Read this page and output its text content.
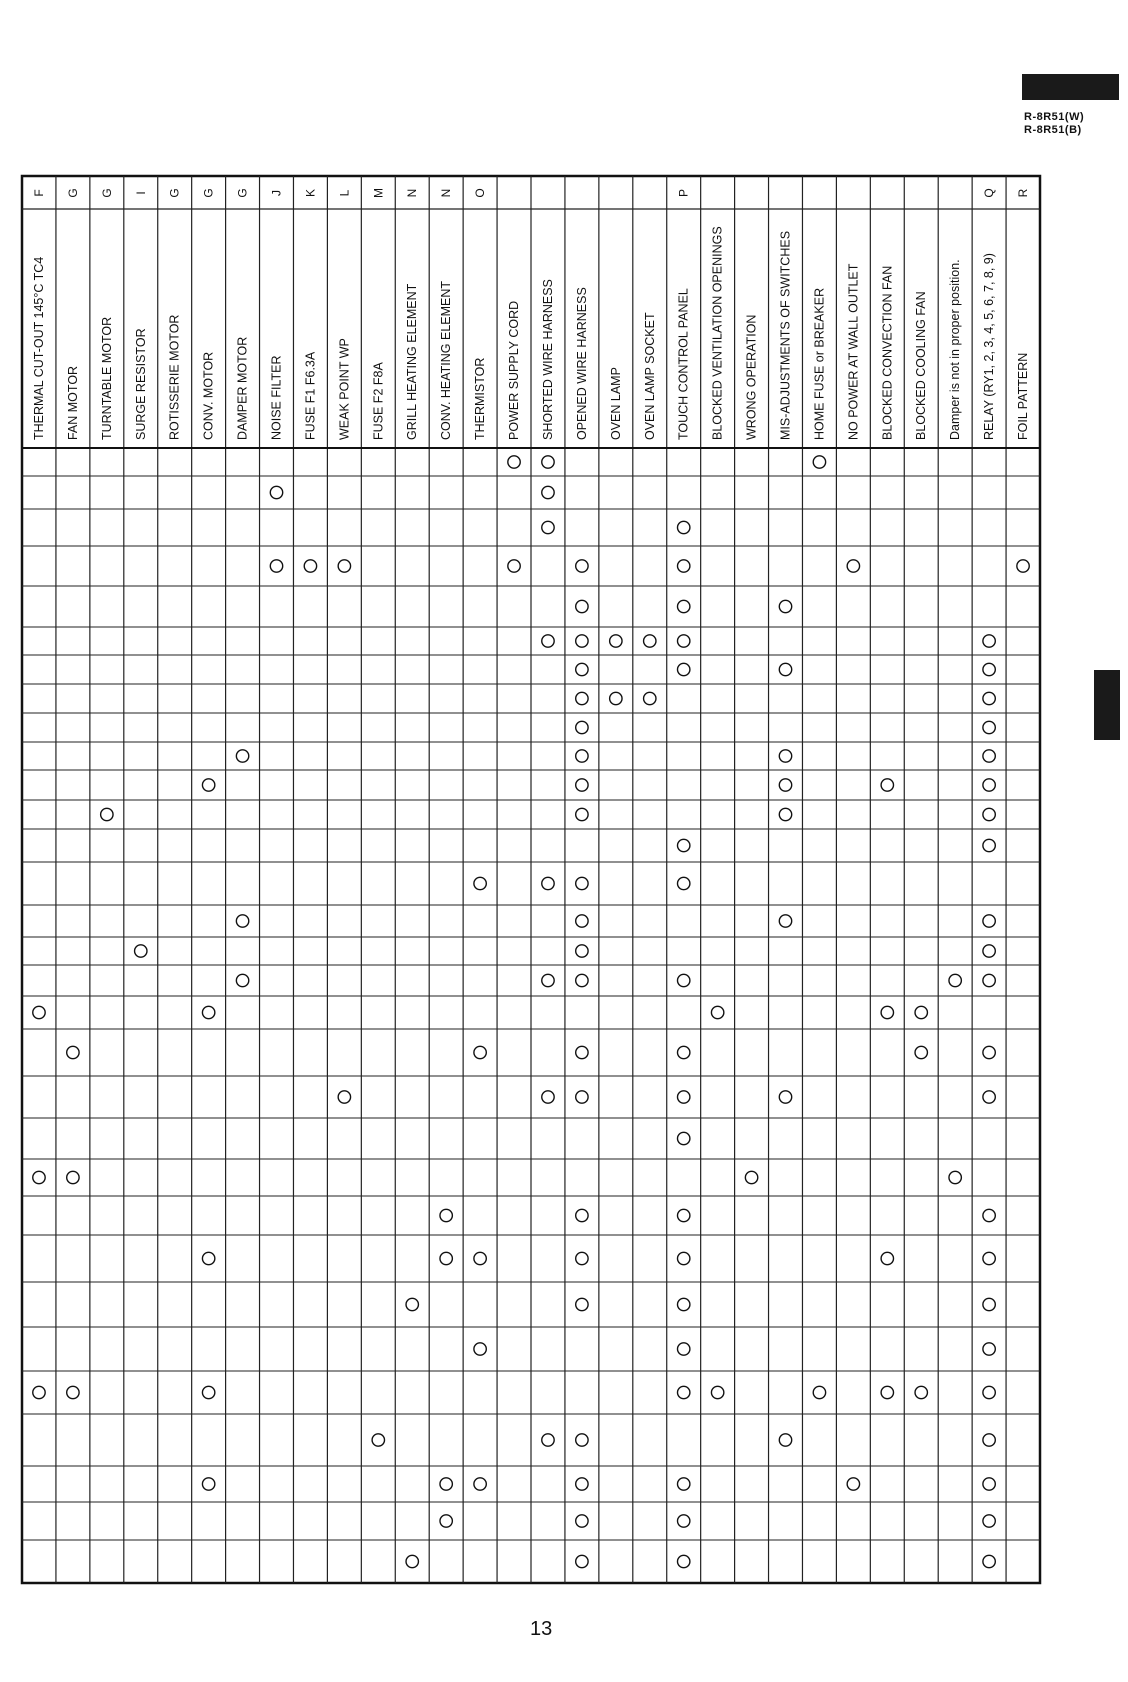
R-8R51(W)
R-8R51(B)
F
THERMAL CUT-OUT 145°C TC4
G
FAN MOTOR
G
TURNTABLE MOTOR
I
SURGE RESISTOR
G
ROTISSERIE MOTOR
G
CONV. MOTOR
G
DAMPER MOTOR
J
NOISE FILTER
K
FUSE F1 F6.3A
L
WEAK POINT WP
M
FUSE F2 F8A
N
GRILL HEATING ELEMENT
N
CONV. HEATING ELEMENT
O
THERMISTOR POWER SUPPLY CORD SHORTED WIRE HARNESS OPENED WIRE HARNESS OVEN LAMP OVEN LAMP SOCKET
P
TOUCH CONTROL PANEL BLOCKED VENTILATION OPENINGS WRONG OPERATION MIS-ADJUSTMENTS OF SWITCHES HOME FUSE or BREAKER NO POWER AT WALL OUTLET BLOCKED CONVECTION FAN BLOCKED COOLING FAN Damper is not in proper position.
Q
RELAY (RY1, 2, 3, 4, 5, 6, 7, 8, 9)
R
FOIL PATTERN
13
